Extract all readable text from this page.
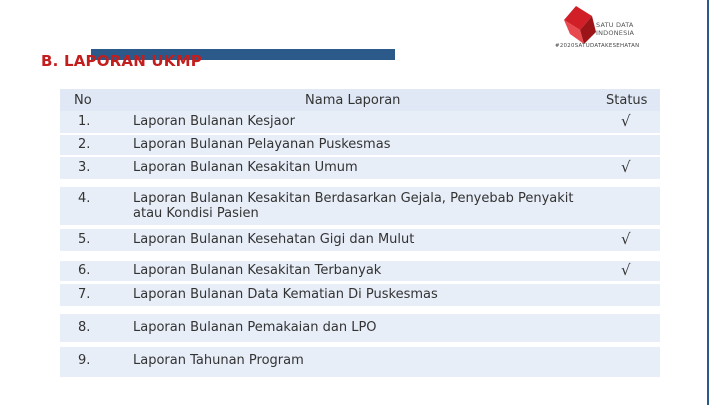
SATU DATA
INDONESIA
#2020SATUDATAKESEHATAN
B. LAPORAN UKMP
No	Nama Laporan	Status
1.	Laporan Bulanan Kesjaor	√
2.	Laporan Bulanan Pelayanan Puskesmas
3.	Laporan Bulanan Kesakitan Umum	√
4.	Laporan Bulanan Kesakitan Berdasarkan Gejala, Penyebab Penyakit
atau Kondisi Pasien
5.	Laporan Bulanan Kesehatan Gigi dan Mulut	√
6.	Laporan Bulanan Kesakitan Terbanyak	√
7.	Laporan Bulanan Data Kematian Di Puskesmas
8.	Laporan Bulanan Pemakaian dan LPO
9.	Laporan Tahunan Program
